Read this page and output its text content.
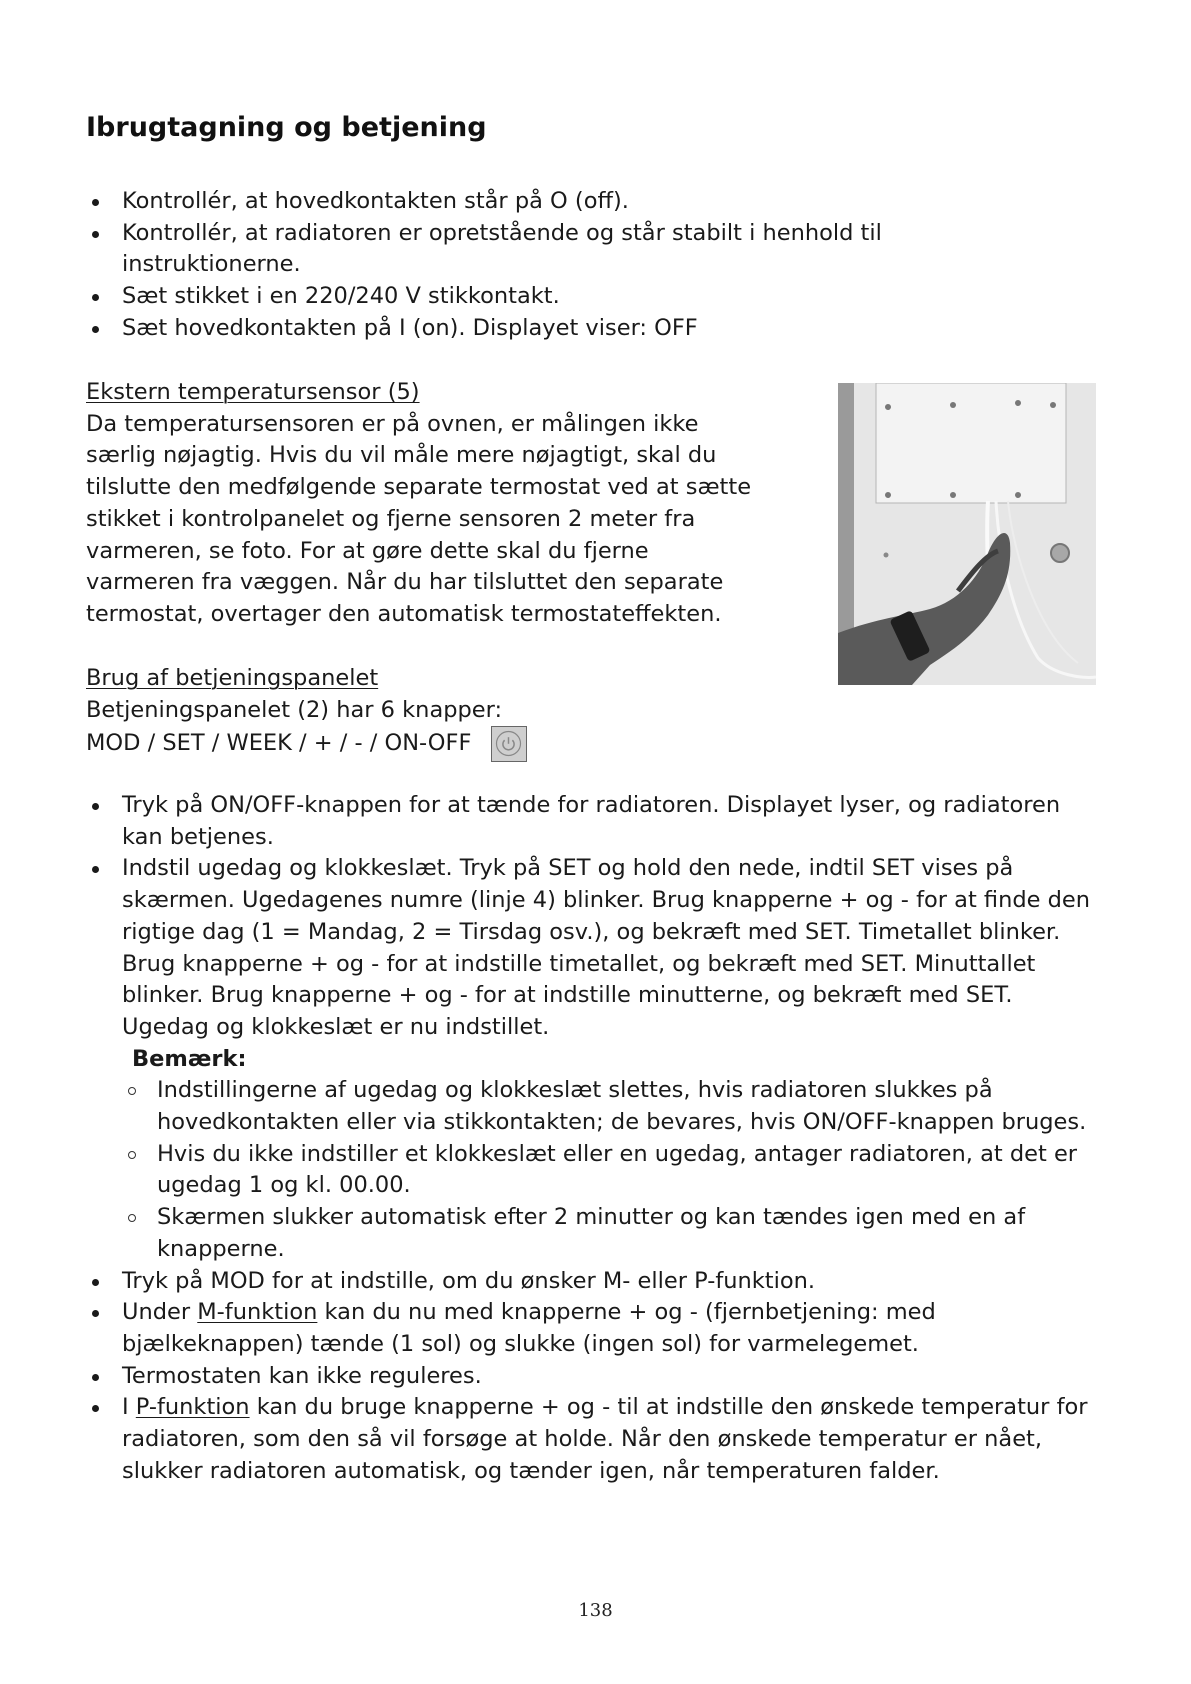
Ibrugtagning og betjening
Kontrollér, at hovedkontakten står på O (off).
Kontrollér, at radiatoren er opretstående og står stabilt i henhold til instruktionerne.
Sæt stikket i en 220/240 V stikkontakt.
Sæt hovedkontakten på I (on). Displayet viser: OFF
Ekstern temperatursensor (5)
Da temperatursensoren er på ovnen, er målingen ikke
særlig nøjagtig. Hvis du vil måle mere nøjagtigt, skal du
tilslutte den medfølgende separate termostat ved at sætte
stikket i kontrolpanelet og fjerne sensoren 2 meter fra
varmeren, se foto. For at gøre dette skal du fjerne
varmeren fra væggen. Når du har tilsluttet den separate
termostat, overtager den automatisk termostateffekten.
Brug af betjeningspanelet
Betjeningspanelet (2) har 6 knapper:
MOD / SET / WEEK / + / - / ON-OFF
Tryk på ON/OFF-knappen for at tænde for radiatoren. Displayet lyser, og radiatoren kan betjenes.
Indstil ugedag og klokkeslæt. Tryk på SET og hold den nede, indtil SET vises på skærmen. Ugedagenes numre (linje 4) blinker. Brug knapperne + og - for at finde den rigtige dag (1 = Mandag, 2 = Tirsdag osv.), og bekræft med SET. Timetallet blinker. Brug knapperne + og - for at indstille timetallet, og bekræft med SET. Minuttallet blinker. Brug knapperne + og - for at indstille minutterne, og bekræft med SET. Ugedag og klokkeslæt er nu indstillet.
Bemærk:
Indstillingerne af ugedag og klokkeslæt slettes, hvis radiatoren slukkes på hovedkontakten eller via stikkontakten; de bevares, hvis ON/OFF-knappen bruges.
Hvis du ikke indstiller et klokkeslæt eller en ugedag, antager radiatoren, at det er ugedag 1 og kl. 00.00.
Skærmen slukker automatisk efter 2 minutter og kan tændes igen med en af knapperne.
Tryk på MOD for at indstille, om du ønsker M- eller P-funktion.
Under M-funktion kan du nu med knapperne + og - (fjernbetjening: med bjælkeknappen) tænde (1 sol) og slukke (ingen sol) for varmelegemet.
Termostaten kan ikke reguleres.
I P-funktion kan du bruge knapperne + og - til at indstille den ønskede temperatur for radiatoren, som den så vil forsøge at holde. Når den ønskede temperatur er nået, slukker radiatoren automatisk, og tænder igen, når temperaturen falder.
138
